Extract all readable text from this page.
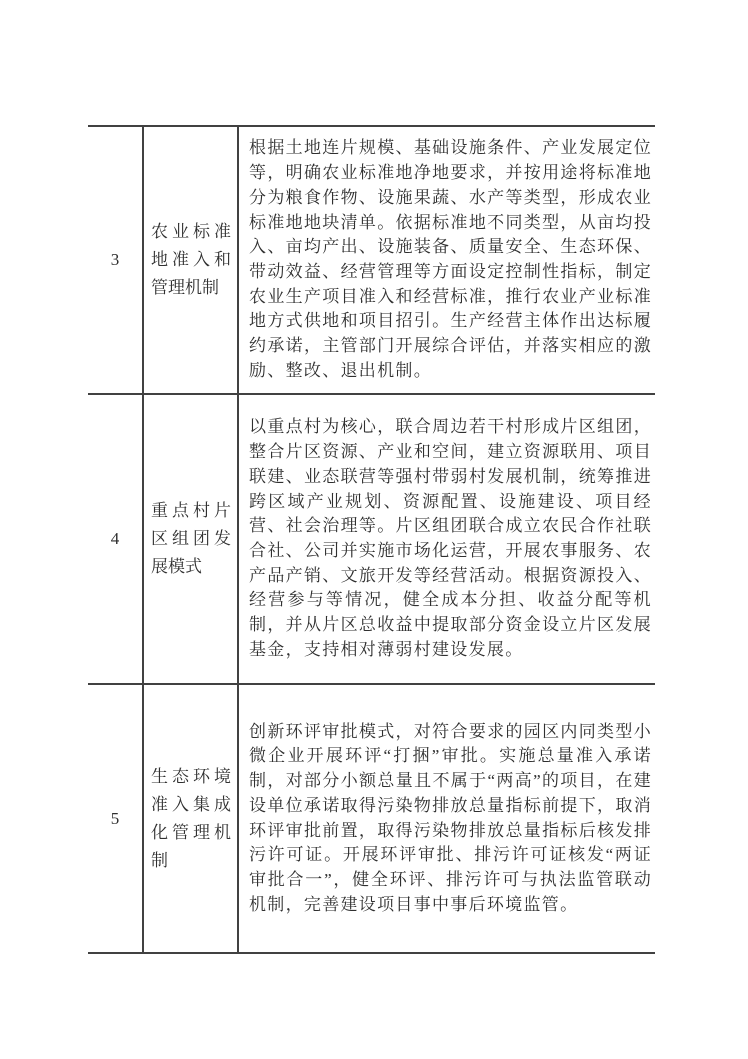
3	农业标准地准入和管理机制	根据土地连片规模、基础设施条件、产业发展定位等，明确农业标准地净地要求，并按用途将标准地分为粮食作物、设施果蔬、水产等类型，形成农业标准地地块清单。依据标准地不同类型，从亩均投入、亩均产出、设施装备、质量安全、生态环保、带动效益、经营管理等方面设定控制性指标，制定农业生产项目准入和经营标准，推行农业产业标准地方式供地和项目招引。生产经营主体作出达标履约承诺，主管部门开展综合评估，并落实相应的激励、整改、退出机制。

4	重点村片区组团发展模式	以重点村为核心，联合周边若干村形成片区组团，整合片区资源、产业和空间，建立资源联用、项目联建、业态联营等强村带弱村发展机制，统筹推进跨区域产业规划、资源配置、设施建设、项目经营、社会治理等。片区组团联合成立农民合作社联合社、公司并实施市场化运营，开展农事服务、农产品产销、文旅开发等经营活动。根据资源投入、经营参与等情况，健全成本分担、收益分配等机制，并从片区总收益中提取部分资金设立片区发展基金，支持相对薄弱村建设发展。

5	生态环境准入集成化管理机制	创新环评审批模式，对符合要求的园区内同类型小微企业开展环评“打捆”审批。实施总量准入承诺制，对部分小额总量且不属于“两高”的项目，在建设单位承诺取得污染物排放总量指标前提下，取消环评审批前置，取得污染物排放总量指标后核发排污许可证。开展环评审批、排污许可证核发“两证审批合一”，健全环评、排污许可与执法监管联动机制，完善建设项目事中事后环境监管。
